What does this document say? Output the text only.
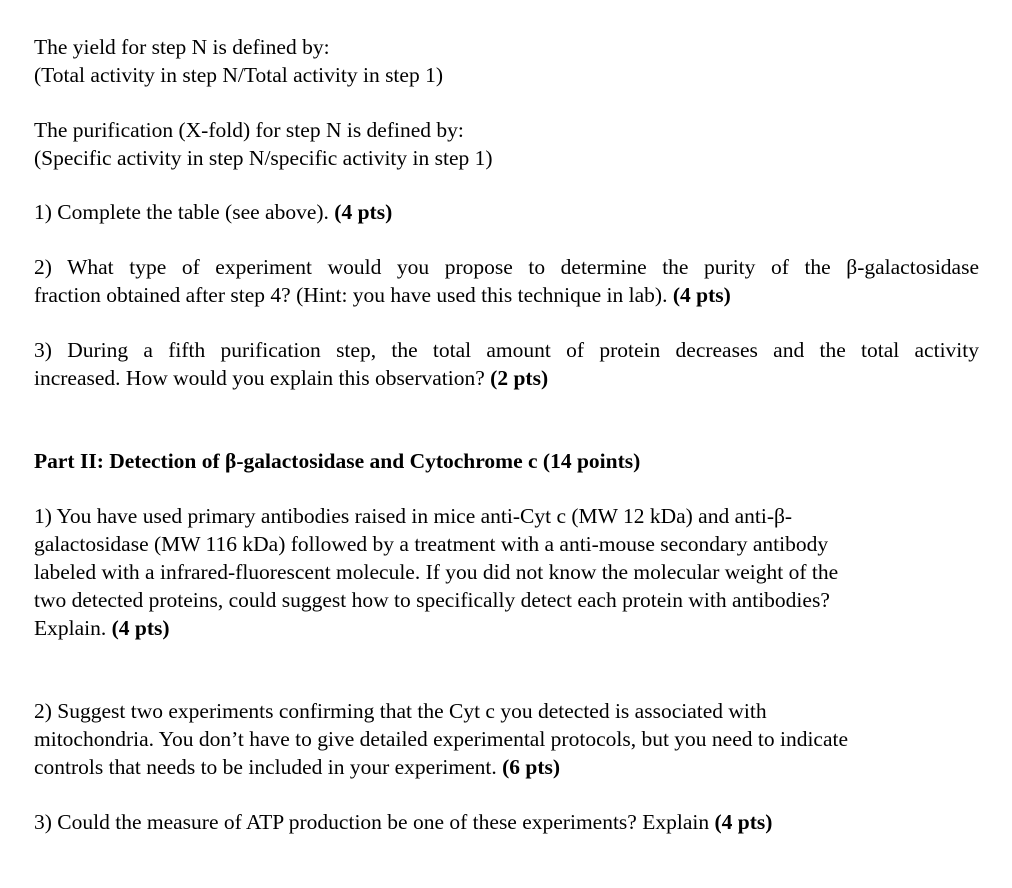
The yield for step N is defined by:
(Total activity in step N/Total activity in step 1)
The purification (X-fold) for step N is defined by:
(Specific activity in step N/specific activity in step 1)
1) Complete the table (see above). (4 pts)
2) What type of experiment would you propose to determine the purity of the β-galactosidase
fraction obtained after step 4? (Hint: you have used this technique in lab). (4 pts)
3) During a fifth purification step, the total amount of protein decreases and the total activity
increased. How would you explain this observation? (2 pts)
Part II: Detection of β-galactosidase and Cytochrome c (14 points)
1) You have used primary antibodies raised in mice anti-Cyt c (MW 12 kDa) and anti-β-
galactosidase (MW 116 kDa) followed by a treatment with a anti-mouse secondary antibody
labeled with a infrared-fluorescent molecule. If you did not know the molecular weight of the
two detected proteins, could suggest how to specifically detect each protein with antibodies?
Explain. (4 pts)
2) Suggest two experiments confirming that the Cyt c you detected is associated with
mitochondria. You don’t have to give detailed experimental protocols, but you need to indicate
controls that needs to be included in your experiment. (6 pts)
3) Could the measure of ATP production be one of these experiments? Explain (4 pts)
